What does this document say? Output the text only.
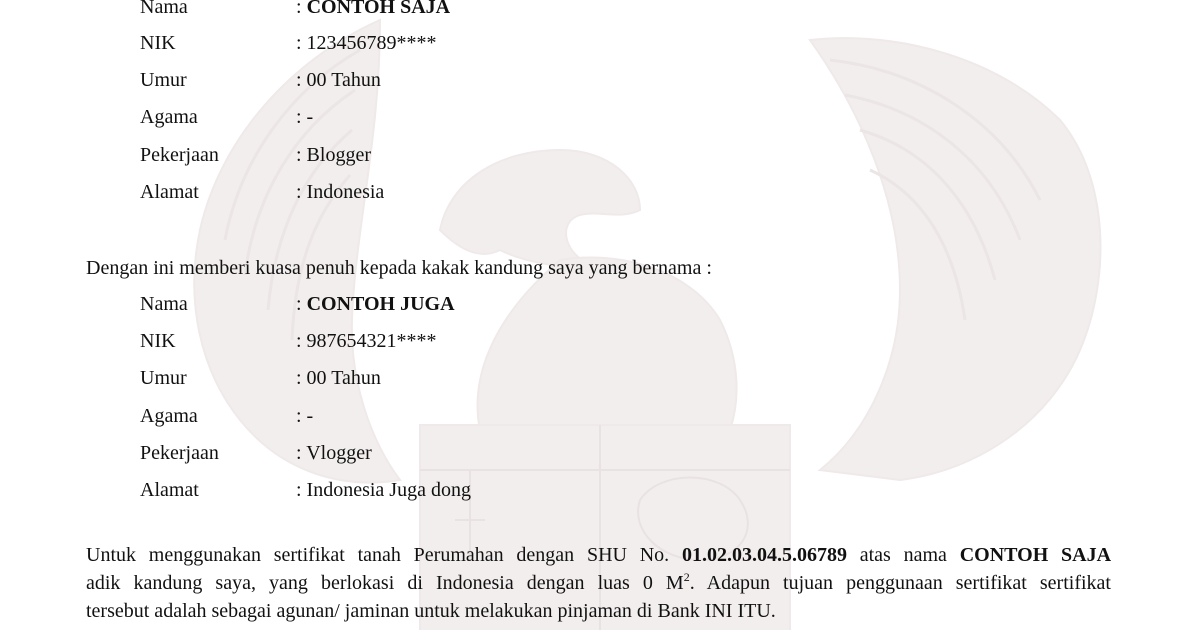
Nama	: CONTOH SAJA
NIK	: 123456789****
Umur	: 00 Tahun
Agama	: -
Pekerjaan	: Blogger
Alamat	: Indonesia
Dengan ini memberi kuasa penuh kepada kakak kandung saya yang bernama :
Nama	: CONTOH JUGA
NIK	: 987654321****
Umur	: 00 Tahun
Agama	: -
Pekerjaan	: Vlogger
Alamat	: Indonesia Juga dong
Untuk menggunakan sertifikat tanah Perumahan dengan SHU No. 01.02.03.04.5.06789 atas nama CONTOH SAJA
adik kandung saya, yang berlokasi di Indonesia dengan luas 0 $M^2$. Adapun tujuan penggunaan sertifikat sertifikat
tersebut adalah sebagai agunan/ jaminan untuk melakukan pinjaman di Bank INI ITU.
